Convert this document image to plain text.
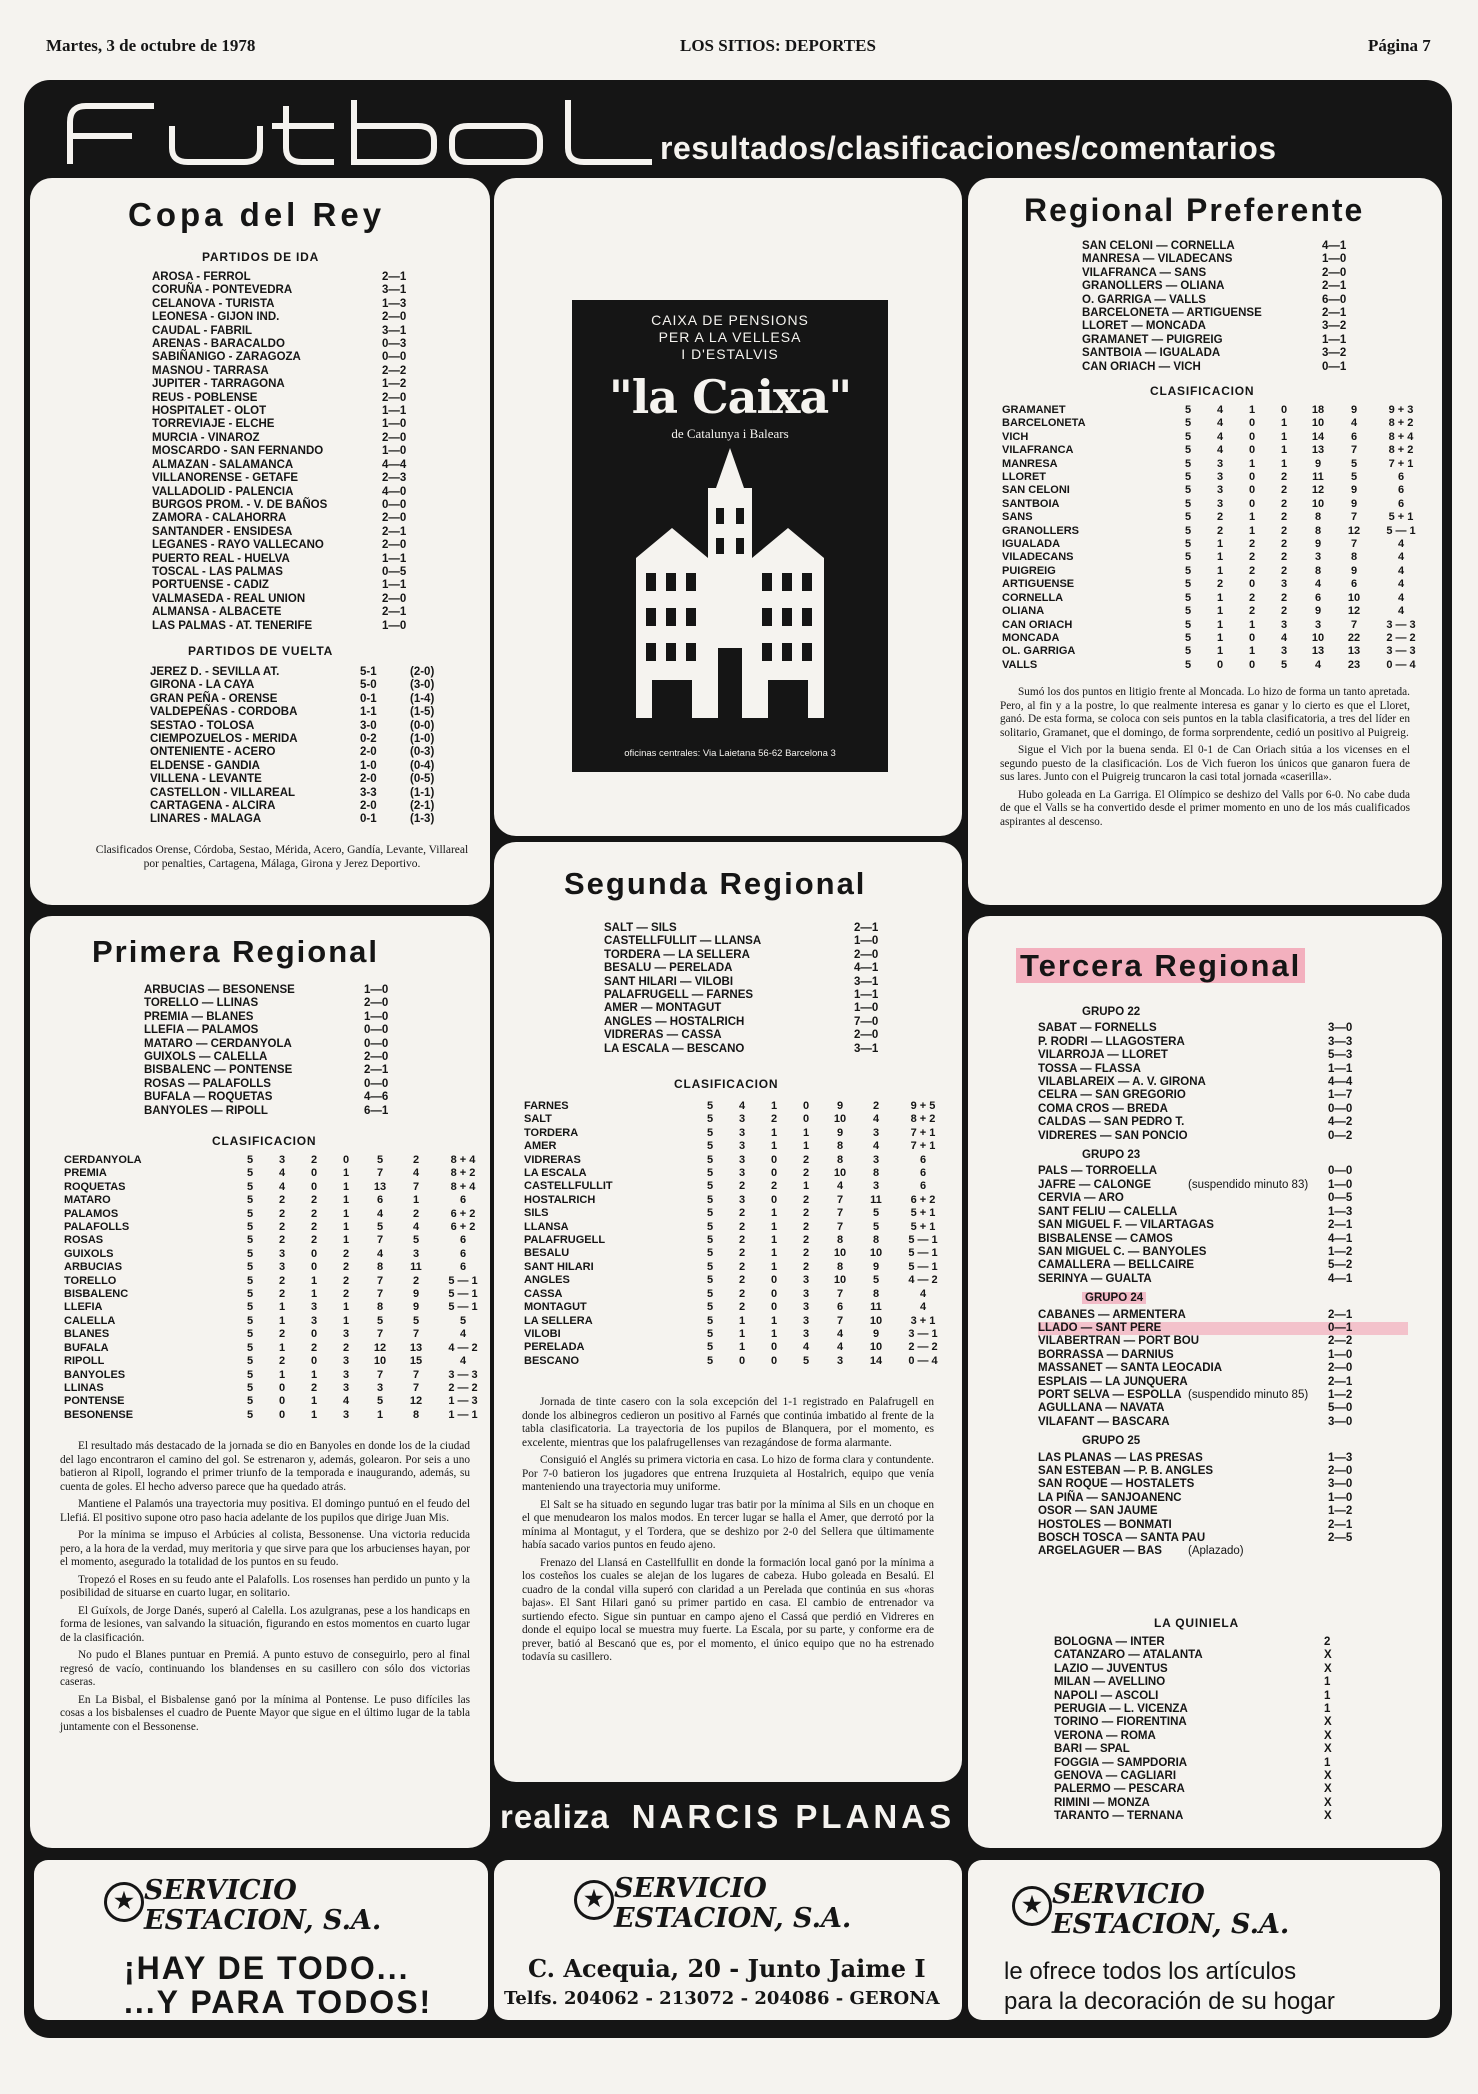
Martes, 3 de octubre de 1978	LOS SITIOS: DEPORTES	Página 7
resultados/clasificaciones/comentarios
Copa del Rey
PARTIDOS DE IDA
AROSA - FERROL	2—1
CORUÑA - PONTEVEDRA	3—1
CELANOVA - TURISTA	1—3
LEONESA - GIJON IND.	2—0
CAUDAL - FABRIL	3—1
ARENAS - BARACALDO	0—3
SABIÑANIGO - ZARAGOZA	0—0
MASNOU - TARRASA	2—2
JUPITER - TARRAGONA	1—2
REUS - POBLENSE	2—0
HOSPITALET - OLOT	1—1
TORREVIAJE - ELCHE	1—0
MURCIA - VINAROZ	2—0
MOSCARDO - SAN FERNANDO	1—0
ALMAZAN - SALAMANCA	4—4
VILLANORENSE - GETAFE	2—3
VALLADOLID - PALENCIA	4—0
BURGOS PROM. - V. DE BAÑOS	0—0
ZAMORA - CALAHORRA	2—0
SANTANDER - ENSIDESA	2—1
LEGANES - RAYO VALLECANO	2—0
PUERTO REAL - HUELVA	1—1
TOSCAL - LAS PALMAS	0—5
PORTUENSE - CADIZ	1—1
VALMASEDA - REAL UNION	2—0
ALMANSA - ALBACETE	2—1
LAS PALMAS - AT. TENERIFE	1—0
PARTIDOS DE VUELTA
JEREZ D. - SEVILLA AT.	5-1	(2-0)
GIRONA - LA CAYA	5-0	(3-0)
GRAN PEÑA - ORENSE	0-1	(1-4)
VALDEPEÑAS - CORDOBA	1-1	(1-5)
SESTAO - TOLOSA	3-0	(0-0)
CIEMPOZUELOS - MERIDA	0-2	(1-0)
ONTENIENTE - ACERO	2-0	(0-3)
ELDENSE - GANDIA	1-0	(0-4)
VILLENA - LEVANTE	2-0	(0-5)
CASTELLON - VILLAREAL	3-3	(1-1)
CARTAGENA - ALCIRA	2-0	(2-1)
LINARES - MALAGA	0-1	(1-3)
Clasificados Orense, Córdoba, Sestao, Mérida, Acero, Gandía, Levante, Villareal por penalties, Cartagena, Málaga, Girona y Jerez Deportivo.
CAIXA DE PENSIONS
PER A LA VELLESA
I D'ESTALVIS
"la Caixa"
de Catalunya i Balears
oficinas centrales: Via Laietana 56-62 Barcelona 3
Regional Preferente
SAN CELONI — CORNELLA	4—1
MANRESA — VILADECANS	1—0
VILAFRANCA — SANS	2—0
GRANOLLERS — OLIANA	2—1
O. GARRIGA — VALLS	6—0
BARCELONETA — ARTIGUENSE	2—1
LLORET — MONCADA	3—2
GRAMANET — PUIGREIG	1—1
SANTBOIA — IGUALADA	3—2
CAN ORIACH — VICH	0—1
CLASIFICACION
GRAMANET	5	4	1	0	18	9	9 + 3
BARCELONETA	5	4	0	1	10	4	8 + 2
VICH	5	4	0	1	14	6	8 + 4
VILAFRANCA	5	4	0	1	13	7	8 + 2
MANRESA	5	3	1	1	9	5	7 + 1
LLORET	5	3	0	2	11	5	6
SAN CELONI	5	3	0	2	12	9	6
SANTBOIA	5	3	0	2	10	9	6
SANS	5	2	1	2	8	7	5 + 1
GRANOLLERS	5	2	1	2	8	12	5 — 1
IGUALADA	5	1	2	2	9	7	4
VILADECANS	5	1	2	2	3	8	4
PUIGREIG	5	1	2	2	8	9	4
ARTIGUENSE	5	2	0	3	4	6	4
CORNELLA	5	1	2	2	6	10	4
OLIANA	5	1	2	2	9	12	4
CAN ORIACH	5	1	1	3	3	7	3 — 3
MONCADA	5	1	0	4	10	22	2 — 2
OL. GARRIGA	5	1	1	3	13	13	3 — 3
VALLS	5	0	0	5	4	23	0 — 4

Sumó los dos puntos en litigio frente al Moncada. Lo hizo de forma un tanto apretada. Pero, al fin y a la postre, lo que realmente interesa es ganar y lo cierto es que el Lloret, ganó. De esta forma, se coloca con seis puntos en la tabla clasificatoria, a tres del líder en solitario, Gramanet, que el domingo, de forma sorprendente, cedió un positivo al Puigreig.

Sigue el Vich por la buena senda. El 0-1 de Can Oriach sitúa a los vicenses en el segundo puesto de la clasificación. Los de Vich fueron los únicos que ganaron fuera de sus lares. Junto con el Puigreig truncaron la casi total jornada «caserilla».

Hubo goleada en La Garriga. El Olímpico se deshizo del Valls por 6-0. No cabe duda de que el Valls se ha convertido desde el primer momento en uno de los más cualificados aspirantes al descenso.

Primera Regional
ARBUCIAS — BESONENSE	1—0
TORELLO — LLINAS	2—0
PREMIA — BLANES	1—0
LLEFIA — PALAMOS	0—0
MATARO — CERDANYOLA	0—0
GUIXOLS — CALELLA	2—0
BISBALENC — PONTENSE	2—1
ROSAS — PALAFOLLS	0—0
BUFALA — ROQUETAS	4—6
BANYOLES — RIPOLL	6—1
CLASIFICACION
CERDANYOLA	5	3	2	0	5	2	8 + 4
PREMIA	5	4	0	1	7	4	8 + 2
ROQUETAS	5	4	0	1	13	7	8 + 4
MATARO	5	2	2	1	6	1	6
PALAMOS	5	2	2	1	4	2	6 + 2
PALAFOLLS	5	2	2	1	5	4	6 + 2
ROSAS	5	2	2	1	7	5	6
GUIXOLS	5	3	0	2	4	3	6
ARBUCIAS	5	3	0	2	8	11	6
TORELLO	5	2	1	2	7	2	5 — 1
BISBALENC	5	2	1	2	7	9	5 — 1
LLEFIA	5	1	3	1	8	9	5 — 1
CALELLA	5	1	3	1	5	5	5
BLANES	5	2	0	3	7	7	4
BUFALA	5	1	2	2	12	13	4 — 2
RIPOLL	5	2	0	3	10	15	4
BANYOLES	5	1	1	3	7	7	3 — 3
LLINAS	5	0	2	3	3	7	2 — 2
PONTENSE	5	0	1	4	5	12	1 — 3
BESONENSE	5	0	1	3	1	8	1 — 1

El resultado más destacado de la jornada se dio en Banyoles en donde los de la ciudad del lago encontraron el camino del gol. Se estrenaron y, además, golearon. Por seis a uno batieron al Ripoll, logrando el primer triunfo de la temporada e inaugurando, además, su cuenta de goles. El hecho adverso parece que ha quedado atrás.

Mantiene el Palamós una trayectoria muy positiva. El domingo puntuó en el feudo del Llefiá. El positivo supone otro paso hacia adelante de los pupilos que dirige Juan Mis.

Por la mínima se impuso el Arbúcies al colista, Bessonense. Una victoria reducida pero, a la hora de la verdad, muy meritoria y que sirve para que los arbucienses hayan, por el momento, asegurado la totalidad de los puntos en su feudo.

Tropezó el Roses en su feudo ante el Palafolls. Los rosenses han perdido un punto y la posibilidad de situarse en cuarto lugar, en solitario.

El Guíxols, de Jorge Danés, superó al Calella. Los azulgranas, pese a los handicaps en forma de lesiones, van salvando la situación, figurando en estos momentos en cuarto lugar de la clasificación.

No pudo el Blanes puntuar en Premiá. A punto estuvo de conseguirlo, pero al final regresó de vacío, continuando los blandenses en su casillero con sólo dos victorias caseras.

En La Bisbal, el Bisbalense ganó por la mínima al Pontense. Le puso difíciles las cosas a los bisbalenses el cuadro de Puente Mayor que sigue en el último lugar de la tabla juntamente con el Bessonense.

Segunda Regional
SALT — SILS	2—1
CASTELLFULLIT — LLANSA	1—0
TORDERA — LA SELLERA	2—0
BESALU — PERELADA	4—1
SANT HILARI — VILOBI	3—1
PALAFRUGELL — FARNES	1—1
AMER — MONTAGUT	1—0
ANGLES — HOSTALRICH	7—0
VIDRERAS — CASSA	2—0
LA ESCALA — BESCANO	3—1
CLASIFICACION
FARNES	5	4	1	0	9	2	9 + 5
SALT	5	3	2	0	10	4	8 + 2
TORDERA	5	3	1	1	9	3	7 + 1
AMER	5	3	1	1	8	4	7 + 1
VIDRERAS	5	3	0	2	8	3	6
LA ESCALA	5	3	0	2	10	8	6
CASTELLFULLIT	5	2	2	1	4	3	6
HOSTALRICH	5	3	0	2	7	11	6 + 2
SILS	5	2	1	2	7	5	5 + 1
LLANSA	5	2	1	2	7	5	5 + 1
PALAFRUGELL	5	2	1	2	8	8	5 — 1
BESALU	5	2	1	2	10	10	5 — 1
SANT HILARI	5	2	1	2	8	9	5 — 1
ANGLES	5	2	0	3	10	5	4 — 2
CASSA	5	2	0	3	7	8	4
MONTAGUT	5	2	0	3	6	11	4
LA SELLERA	5	1	1	3	7	10	3 + 1
VILOBI	5	1	1	3	4	9	3 — 1
PERELADA	5	1	0	4	4	10	2 — 2
BESCANO	5	0	0	5	3	14	0 — 4

Jornada de tinte casero con la sola excepción del 1-1 registrado en Palafrugell en donde los albinegros cedieron un positivo al Farnés que continúa imbatido al frente de la tabla clasificatoria. La trayectoria de los pupilos de Blanquera, por el momento, es excelente, mientras que los palafrugellenses van rezagándose de forma alarmante.

Consiguió el Anglés su primera victoria en casa. Lo hizo de forma clara y contundente. Por 7-0 batieron los jugadores que entrena Iruzquieta al Hostalrich, equipo que venía manteniendo una trayectoria muy uniforme.

El Salt se ha situado en segundo lugar tras batir por la mínima al Sils en un choque en el que menudearon los malos modos. En tercer lugar se halla el Amer, que derrotó por la mínima al Montagut, y el Tordera, que se deshizo por 2-0 del Sellera que últimamente había sacado varios puntos en feudo ajeno.

Frenazo del Llansá en Castellfullit en donde la formación local ganó por la mínima a los costeños los cuales se alejan de los lugares de cabeza. Hubo goleada en Besalú. El cuadro de la condal villa superó con claridad a un Perelada que continúa en sus «horas bajas». El Sant Hilari ganó su primer partido en casa. El cambio de entrenador va surtiendo efecto. Sigue sin puntuar en campo ajeno el Cassá que perdió en Vidreres en donde el equipo local se muestra muy fuerte. La Escala, por su parte, y conforme era de prever, batió al Bescanó que es, por el momento, el único equipo que no ha estrenado todavía su casillero.

Tercera Regional
GRUPO 22
SABAT — FORNELLS	3—0
P. RODRI — LLAGOSTERA	3—3
VILARROJA — LLORET	5—3
TOSSA — FLASSA	1—1
VILABLAREIX — A. V. GIRONA	4—4
CELRA — SAN GREGORIO	1—7
COMA CROS — BREDA	0—0
CALDAS — SAN PEDRO T.	4—2
VIDRERES — SAN PONCIO	0—2
GRUPO 23
PALS — TORROELLA	0—0
JAFRE — CALONGE	(suspendido minuto 83)	1—0
CERVIA — ARO	0—5
SANT FELIU — CALELLA	1—3
SAN MIGUEL F. — VILARTAGAS	2—1
BISBALENSE — CAMOS	4—1
SAN MIGUEL C. — BANYOLES	1—2
CAMALLERA — BELLCAIRE	5—2
SERINYA — GUALTA	4—1
GRUPO 24
CABANES — ARMENTERA	2—1
LLADO — SANT PERE	0—1
VILABERTRAN — PORT BOU	2—2
BORRASSA — DARNIUS	1—0
MASSANET — SANTA LEOCADIA	2—0
ESPLAIS — LA JUNQUERA	2—1
PORT SELVA — ESPOLLA (suspendido minuto 85)	1—2
AGULLANA — NAVATA	5—0
VILAFANT — BASCARA	3—0
GRUPO 25
LAS PLANAS — LAS PRESAS	1—3
SAN ESTEBAN — P. B. ANGLES	2—0
SAN ROQUE — HOSTALETS	3—0
LA PIÑA — SANJOANENC	1—0
OSOR — SAN JAUME	1—2
HOSTOLES — BONMATI	2—1
BOSCH TOSCA — SANTA PAU	2—5
ARGELAGUER — BAS	(Aplazado)
LA QUINIELA
BOLOGNA — INTER	2
CATANZARO — ATALANTA	X
LAZIO — JUVENTUS	X
MILAN — AVELLINO	1
NAPOLI — ASCOLI	1
PERUGIA — L. VICENZA	1
TORINO — FIORENTINA	X
VERONA — ROMA	X
BARI — SPAL	X
FOGGIA — SAMPDORIA	1
GENOVA — CAGLIARI	X
PALERMO — PESCARA	X
RIMINI — MONZA	X
TARANTO — TERNANA	X
realiza NARCIS PLANAS
★ SERVICIO
ESTACION, S.A.
¡HAY DE TODO...
...Y PARA TODOS!
★ SERVICIO
ESTACION, S.A.
C. Acequia, 20 - Junto Jaime I
Telfs. 204062 - 213072 - 204086 - GERONA
★ SERVICIO
ESTACION, S.A.
le ofrece todos los artículos
para la decoración de su hogar
